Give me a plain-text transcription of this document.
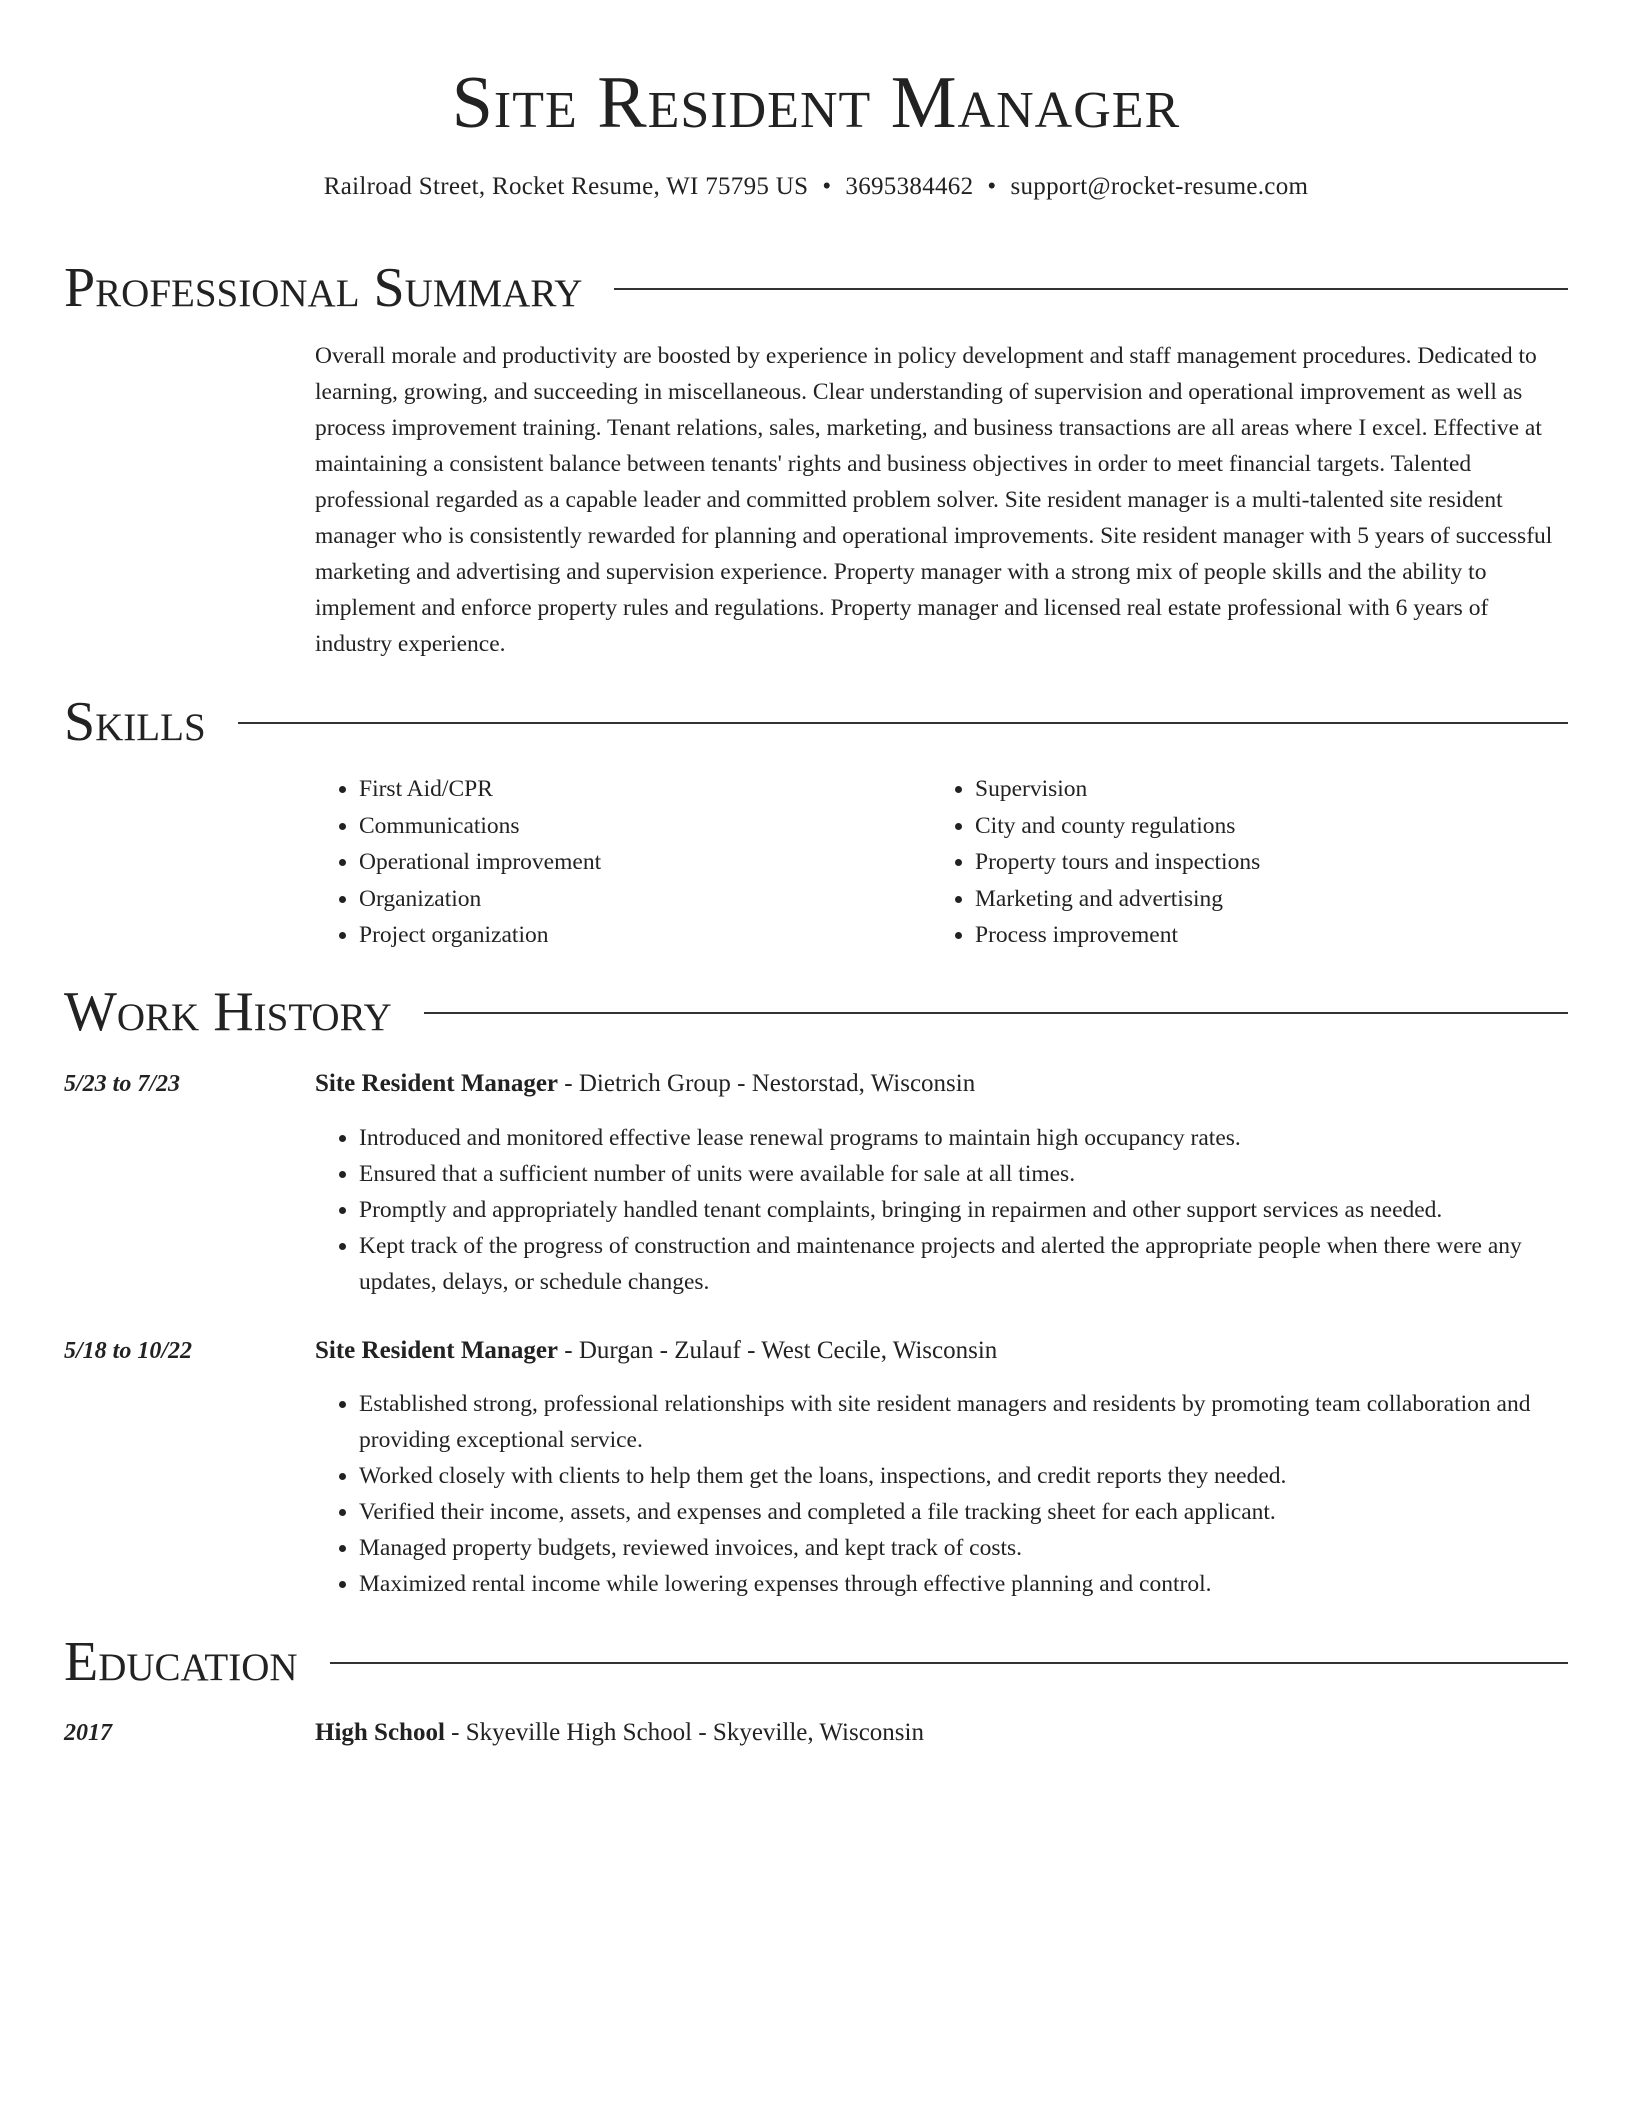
Site Resident Manager
Railroad Street, Rocket Resume, WI 75795 US • 3695384462 • support@rocket-resume.com
Professional Summary
Overall morale and productivity are boosted by experience in policy development and staff management procedures. Dedicated to learning, growing, and succeeding in miscellaneous. Clear understanding of supervision and operational improvement as well as process improvement training. Tenant relations, sales, marketing, and business transactions are all areas where I excel. Effective at maintaining a consistent balance between tenants' rights and business objectives in order to meet financial targets. Talented professional regarded as a capable leader and committed problem solver. Site resident manager is a multi-talented site resident manager who is consistently rewarded for planning and operational improvements. Site resident manager with 5 years of successful marketing and advertising and supervision experience. Property manager with a strong mix of people skills and the ability to implement and enforce property rules and regulations. Property manager and licensed real estate professional with 6 years of industry experience.
Skills
• First Aid/CPR
• Communications
• Operational improvement
• Organization
• Project organization
• Supervision
• City and county regulations
• Property tours and inspections
• Marketing and advertising
• Process improvement
Work History
5/23 to 7/23	Site Resident Manager - Dietrich Group - Nestorstad, Wisconsin
• Introduced and monitored effective lease renewal programs to maintain high occupancy rates.
• Ensured that a sufficient number of units were available for sale at all times.
• Promptly and appropriately handled tenant complaints, bringing in repairmen and other support services as needed.
• Kept track of the progress of construction and maintenance projects and alerted the appropriate people when there were any updates, delays, or schedule changes.
5/18 to 10/22	Site Resident Manager - Durgan - Zulauf - West Cecile, Wisconsin
• Established strong, professional relationships with site resident managers and residents by promoting team collaboration and providing exceptional service.
• Worked closely with clients to help them get the loans, inspections, and credit reports they needed.
• Verified their income, assets, and expenses and completed a file tracking sheet for each applicant.
• Managed property budgets, reviewed invoices, and kept track of costs.
• Maximized rental income while lowering expenses through effective planning and control.
Education
2017	High School - Skyeville High School - Skyeville, Wisconsin
